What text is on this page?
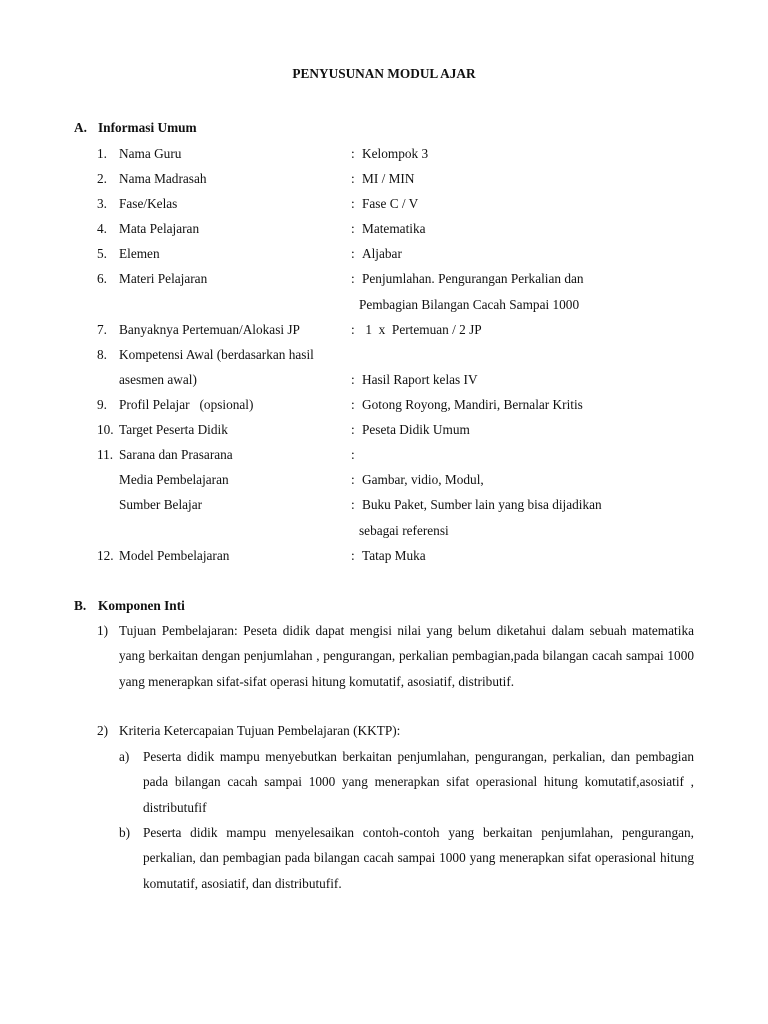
PENYUSUNAN MODUL AJAR
A. Informasi Umum
1. Nama Guru	: Kelompok 3
2. Nama Madrasah	: MI / MIN
3. Fase/Kelas	: Fase C / V
4. Mata Pelajaran	: Matematika
5. Elemen	: Aljabar
6. Materi Pelajaran	: Penjumlahan. Pengurangan Perkalian dan
Pembagian Bilangan Cacah Sampai 1000
7. Banyaknya Pertemuan/Alokasi JP	: 1  x  Pertemuan / 2 JP
8. Kompetensi Awal (berdasarkan hasil
asesmen awal)	: Hasil Raport kelas IV
9. Profil Pelajar   (opsional)	: Gotong Royong, Mandiri, Bernalar Kritis
10. Target Peserta Didik	: Peseta Didik Umum
11. Sarana dan Prasarana	:
Media Pembelajaran	: Gambar, vidio, Modul,
Sumber Belajar	: Buku Paket, Sumber lain yang bisa dijadikan
sebagai referensi
12. Model Pembelajaran	: Tatap Muka
B. Komponen Inti
1) Tujuan Pembelajaran: Peseta didik dapat mengisi nilai yang belum diketahui dalam sebuah matematika yang berkaitan dengan penjumlahan , pengurangan, perkalian pembagian,pada bilangan cacah sampai 1000 yang menerapkan sifat-sifat operasi hitung komutatif, asosiatif, distributif.
2) Kriteria Ketercapaian Tujuan Pembelajaran (KKTP):
a) Peserta didik mampu menyebutkan berkaitan penjumlahan, pengurangan, perkalian, dan pembagian pada bilangan cacah sampai 1000 yang menerapkan sifat operasional hitung komutatif,asosiatif , distributufif
b) Peserta didik mampu menyelesaikan contoh-contoh yang berkaitan penjumlahan, pengurangan, perkalian, dan pembagian pada bilangan cacah sampai 1000 yang menerapkan sifat operasional hitung komutatif, asosiatif, dan distributufif.
